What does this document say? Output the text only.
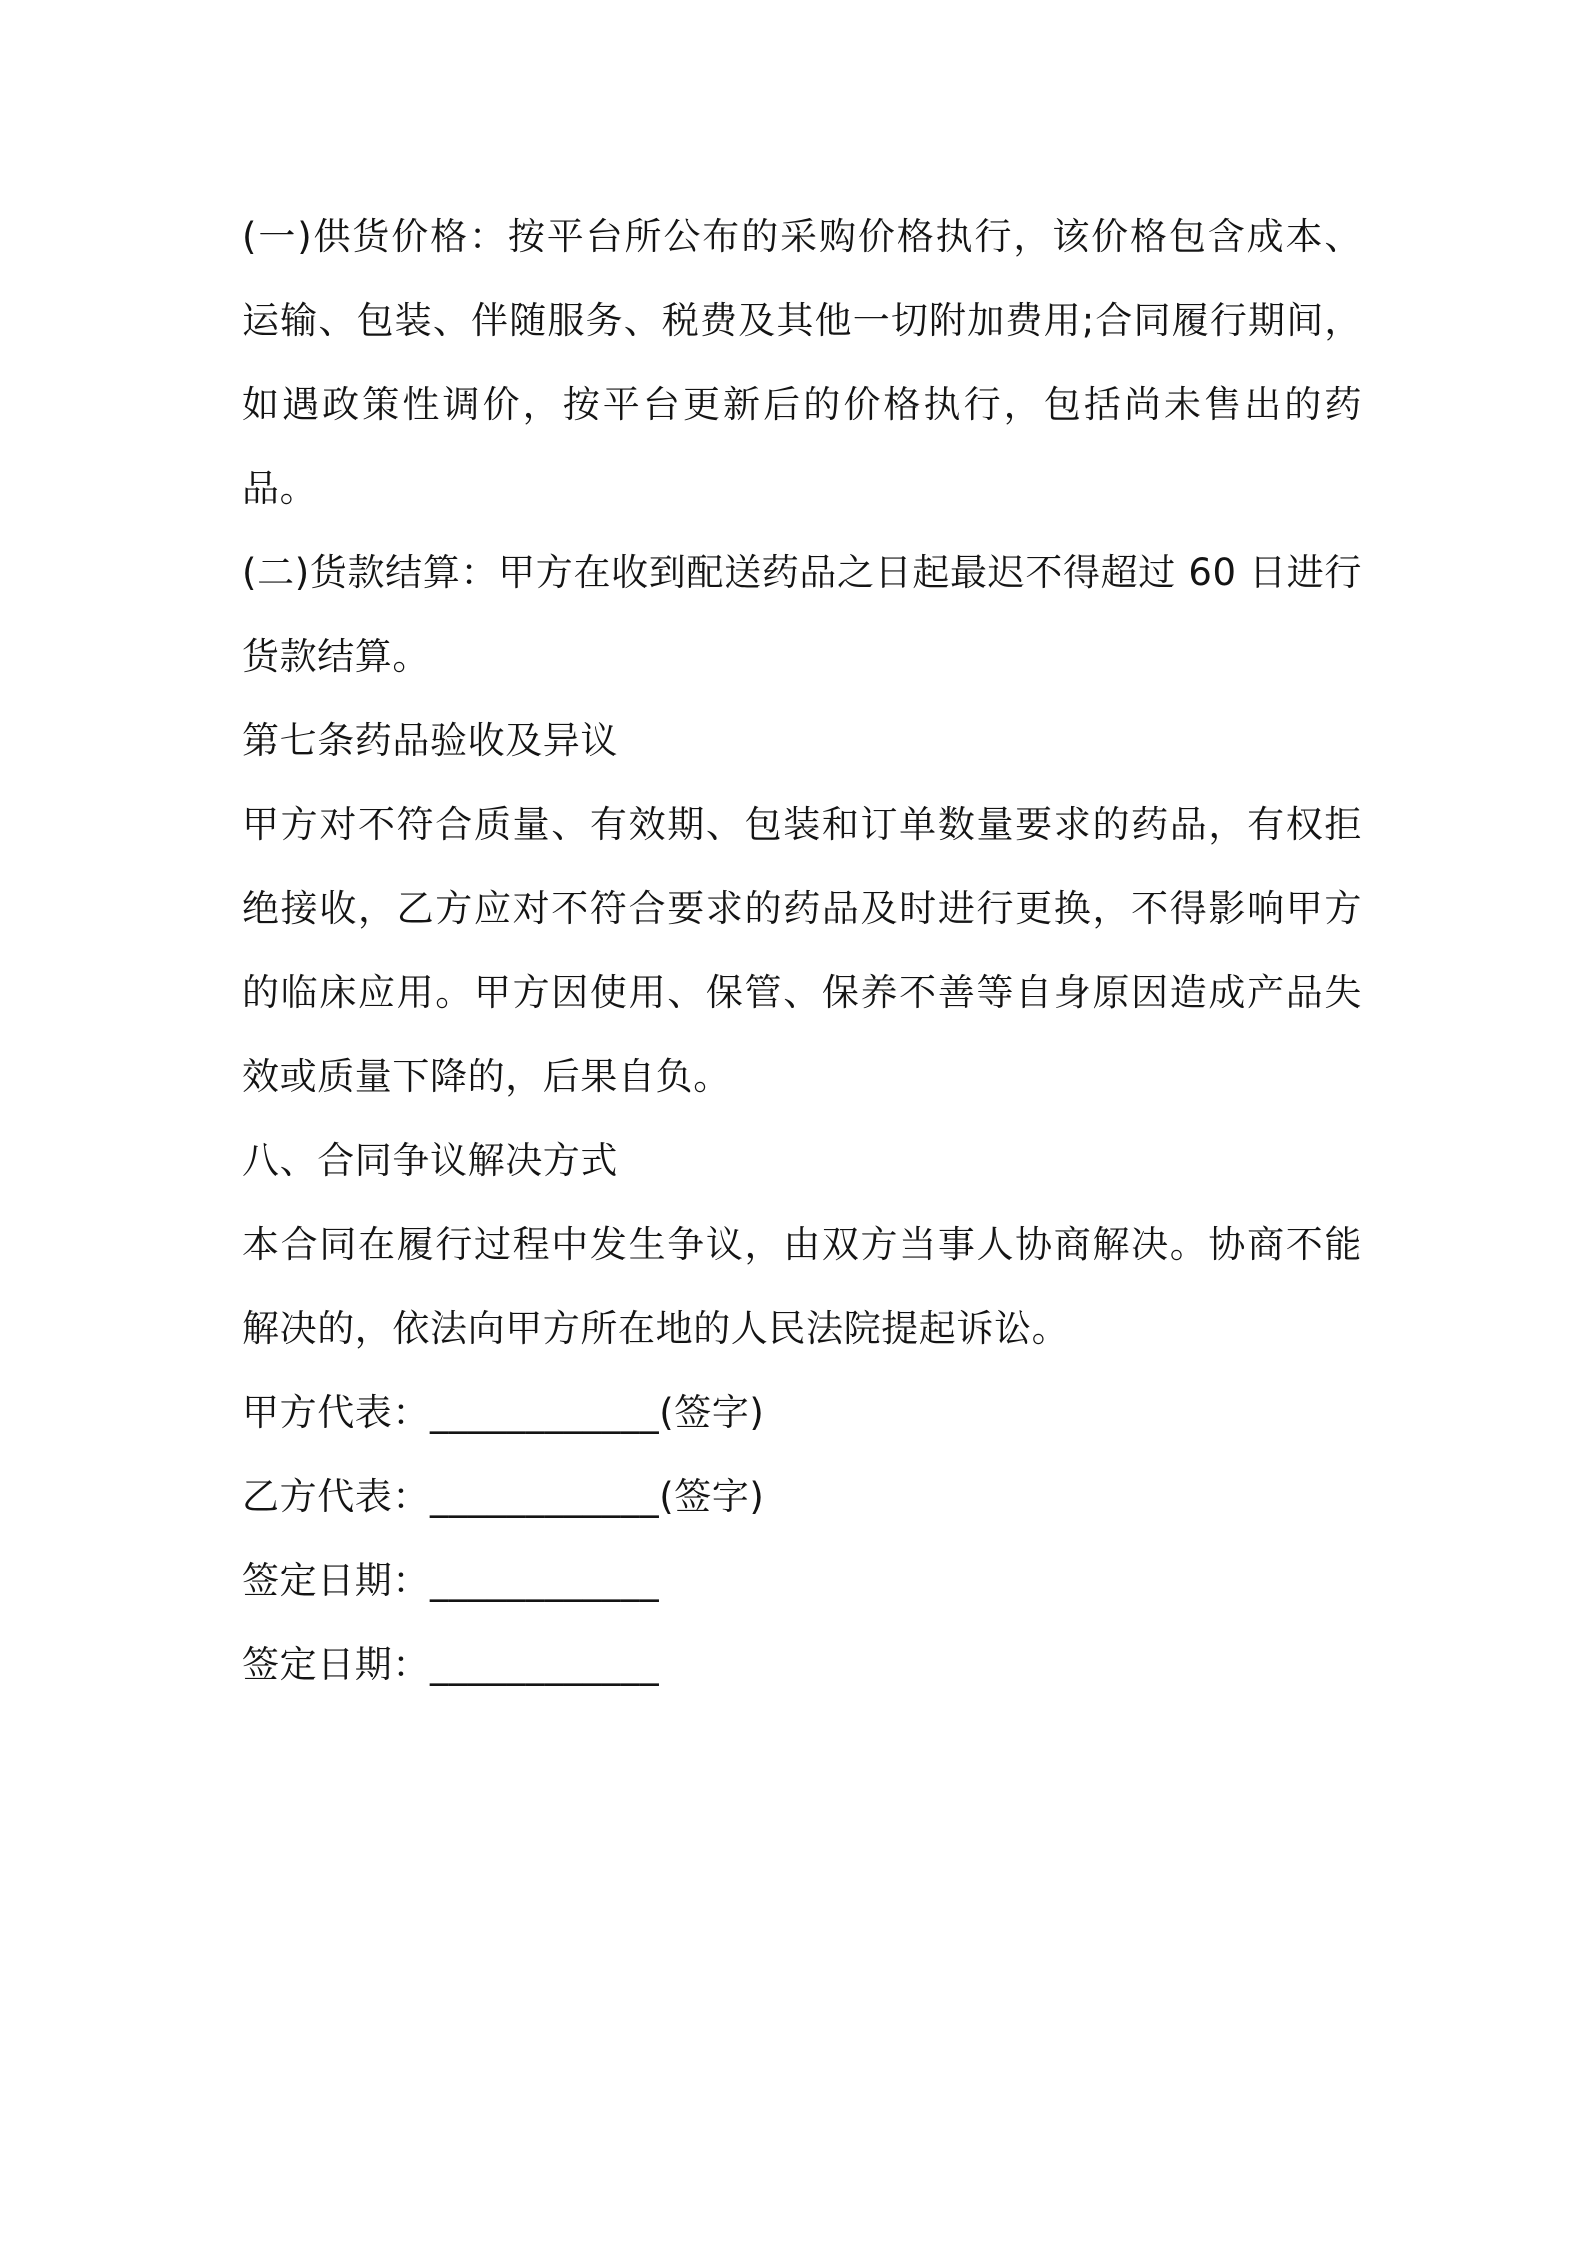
(一)供货价格：按平台所公布的采购价格执行，该价格包含成本、运输、包装、伴随服务、税费及其他一切附加费用;合同履行期间，如遇政策性调价，按平台更新后的价格执行，包括尚未售出的药品。

(二)货款结算：甲方在收到配送药品之日起最迟不得超过 60 日进行货款结算。

第七条药品验收及异议

甲方对不符合质量、有效期、包装和订单数量要求的药品，有权拒绝接收，乙方应对不符合要求的药品及时进行更换，不得影响甲方的临床应用。甲方因使用、保管、保养不善等自身原因造成产品失效或质量下降的，后果自负。

八、合同争议解决方式

本合同在履行过程中发生争议，由双方当事人协商解决。协商不能解决的，依法向甲方所在地的人民法院提起诉讼。

甲方代表：____________(签字)

乙方代表：____________(签字)

签定日期：____________

签定日期：____________
